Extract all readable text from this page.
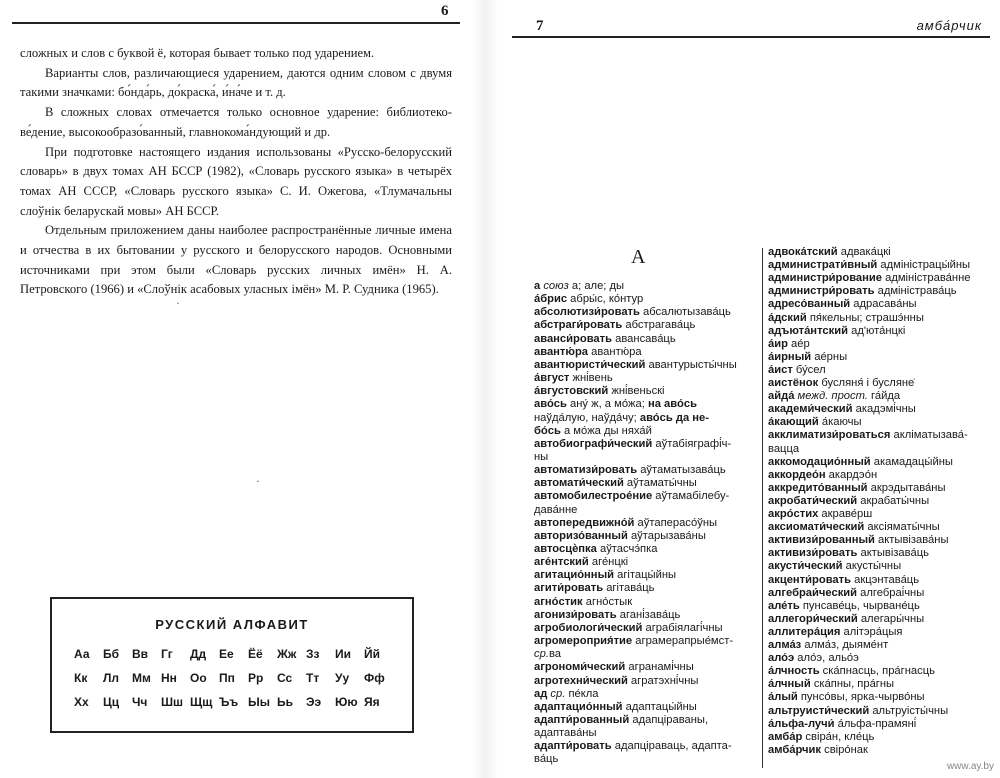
6

сложных и слов с буквой ё, которая бывает только под ударением.

Варианты слов, различающиеся ударением, даются одним словом с двумя такими значками: бо́нда́рь, до́краска́, и́на́че и т. д.

В сложных словах отмечается только основное ударение: библиотеко-ве́дение, высокообразо́ванный, главнокома́ндующий и др.

При подготовке настоящего издания использованы «Русско-белорусский словарь» в двух томах АН БССР (1982), «Словарь русского языка» в четырёх томах АН СССР, «Словарь русского языка» С. И. Ожегова, «Тлумачальны слоўнік беларускай мовы» АН БССР.

Отдельным приложением даны наиболее распространённые личные имена и отчества в их бытовании у русского и белорусского народов. Основными источниками при этом были «Словарь русских личных имён» Н. А. Петровского (1966) и «Слоўнік асабовых уласных імён» М. Р. Судника (1965).

·
·
РУССКИЙ АЛФАВИТ
Аа Бб Вв Гг Дд Ее Ёё Жж Зз Ии Йй
Кк Лл Мм Нн Оо Пп Рр Сс Тт Уу Фф
Хх Цц Чч Шш Щщ Ъъ Ыы Ьь Ээ Юю Яя
7	амба́рчик
А
а союз а; але; ды
а́брис абры́с, ко́нтур
абсолютизи́ровать абсалютызава́ць
абстраги́ровать абстрагава́ць
аванси́ровать авансава́ць
авантю́ра авантю́ра
авантюристи́ческий авантурысты́чны
а́вгуст жні́вень
а́вгустовский жні́веньскі
аво́сь ану́ ж, а мо́жа; на аво́сь
наўда́лую, наўда́чу; аво́сь да не-
бо́сь а мо́жа ды няха́й
автобиографи́ческий аўтабіяграфі́ч-
ны
автоматизи́ровать аўтаматызава́ць
автомати́ческий аўтаматы́чны
автомобилестрое́ние аўтамабілебу-
дава́нне
автопередвижно́й аўтаперасо́ўны
авторизо́ванный аўтарызава́ны
автосцѐпка аўтасчэ́пка
аге́нтский аге́нцкі
агитацио́нный агітацы́йны
агити́ровать агітава́ць
агно́стик агно́стык
агонизи́ровать агані́зава́ць
агробиологи́ческий аграбіялагі́чны
агромероприя́тие аграмерапрые́мст-
ср.ва
агрономи́ческий агранамі́чны
агротехни́ческий агратэхні́чны
ад ср. пе́кла
адаптацио́нный адаптацы́йны
адапти́рованный адапціраваны,
адаптава́ны
адапти́ровать адапціраваць, адапта-
ва́ць
адвока́тский адвака́цкі
администрати́вный адміністрацы́йны
администри́рование адміністрава́нне
администри́ровать адміністрава́ць
адресо́ванный адрасава́ны
а́дский пя́кельны; страшэ́нны
адъюта́нтский ад'юта́нцкі
а́ир ае́р
а́ирный ае́рны
а́ист бу́сел
аистёнок бусляня́ і бусляне̇
айда́ межд. прост. га́йда
академи́ческий акадэмі́чны
а́кающий а́каючы
акклиматизи́роваться акліматызава́-
вацца
аккомодацио́нный акамадацы́йны
аккордео́н акардэо́н
аккредито́ванный акрэдытава́ны
акробати́ческий акрабаты́чны
акро́стих акраве́рш
аксиомати́ческий аксіяматы́чны
активизи́рованный актывізава́ны
активизи́ровать актывізава́ць
акусти́ческий акусты́чны
акценти́ровать акцэнтава́ць
алгебраи́ческий алгебраі́чны
але́ть пунсаве́ць, чырване́ць
аллегори́ческий алегары́чны
аллитера́ция алітэра́цыя
алма́з алма́з, дыяме́нт
ало́э ало́э, альо́э
а́лчность ска́пнасць, пра́гнасць
а́лчный ска́пны, пра́гны
а́лый пунсо́вы, ярка-чырво́ны
альтруисти́ческий альтруісты́чны
а́льфа-лучи́ а́льфа-прамяні́
амба́р свіра́н, кле́ць
амба́рчик свіро́нак
www.ay.by
